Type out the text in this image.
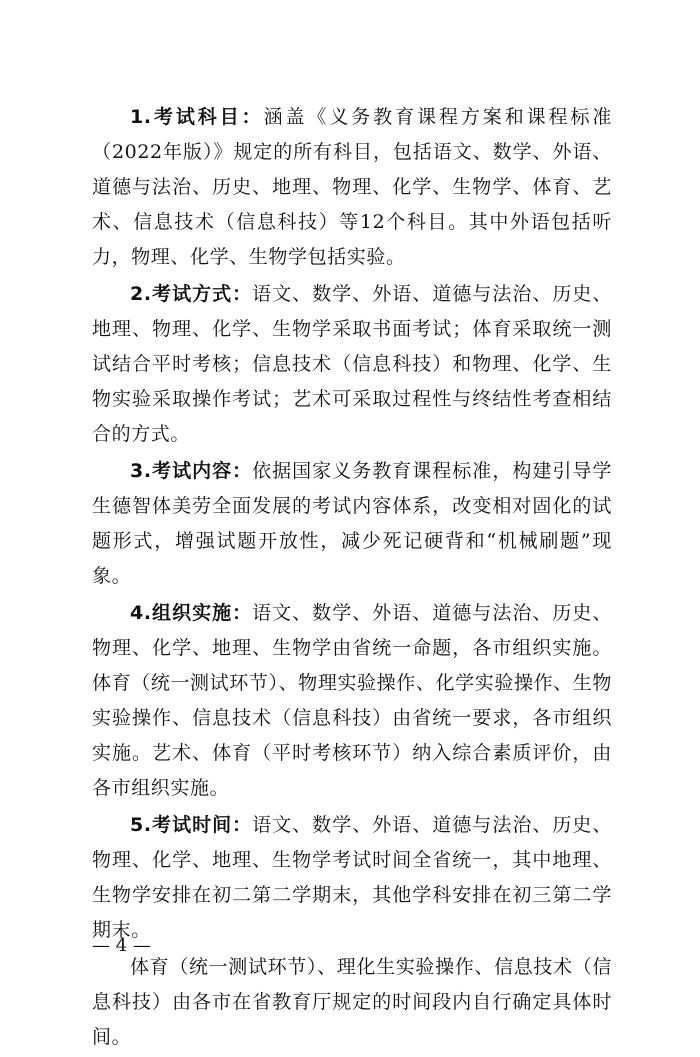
1.考试科目：涵盖《义务教育课程方案和课程标准（2022年版）》规定的所有科目，包括语文、数学、外语、道德与法治、历史、地理、物理、化学、生物学、体育、艺术、信息技术（信息科技）等12个科目。其中外语包括听力，物理、化学、生物学包括实验。

2.考试方式：语文、数学、外语、道德与法治、历史、地理、物理、化学、生物学采取书面考试；体育采取统一测试结合平时考核；信息技术（信息科技）和物理、化学、生物实验采取操作考试；艺术可采取过程性与终结性考查相结合的方式。

3.考试内容：依据国家义务教育课程标准，构建引导学生德智体美劳全面发展的考试内容体系，改变相对固化的试题形式，增强试题开放性，减少死记硬背和“机械刷题”现象。

4.组织实施：语文、数学、外语、道德与法治、历史、物理、化学、地理、生物学由省统一命题，各市组织实施。体育（统一测试环节）、物理实验操作、化学实验操作、生物实验操作、信息技术（信息科技）由省统一要求，各市组织实施。艺术、体育（平时考核环节）纳入综合素质评价，由各市组织实施。

5.考试时间：语文、数学、外语、道德与法治、历史、物理、化学、地理、生物学考试时间全省统一，其中地理、生物学安排在初二第二学期末，其他学科安排在初三第二学期末。

体育（统一测试环节）、理化生实验操作、信息技术（信息科技）由各市在省教育厅规定的时间段内自行确定具体时间。

— 4 —
